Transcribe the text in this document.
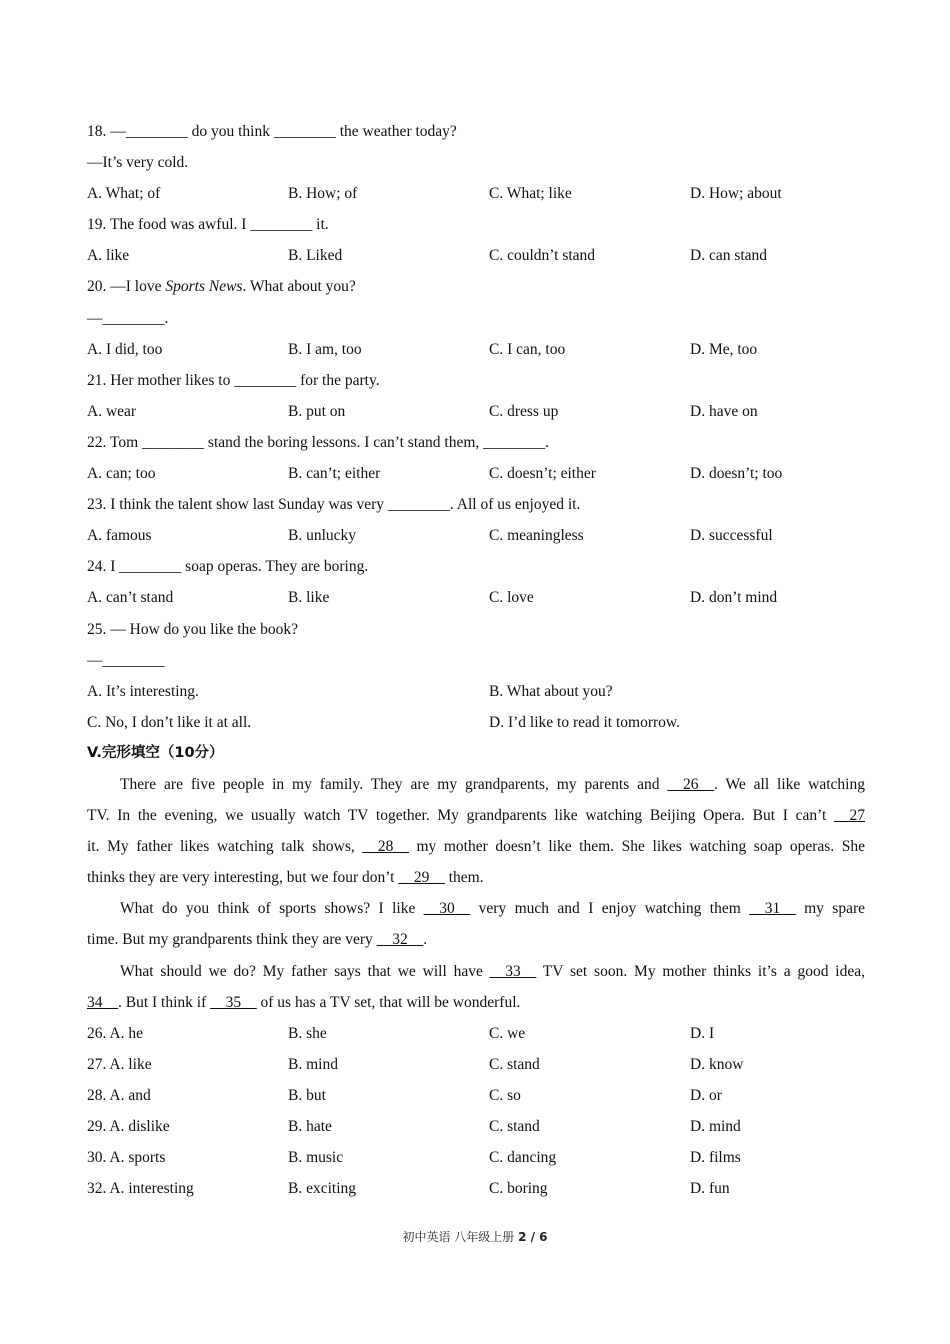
18. —________ do you think ________ the weather today?
—It’s very cold.
A. What; of	B. How; of	C. What; like	D. How; about
19. The food was awful. I ________ it.
A. like	B. Liked	C. couldn’t stand	D. can stand
20. —I love Sports News. What about you?
—________.
A. I did, too	B. I am, too	C. I can, too	D. Me, too
21. Her mother likes to ________ for the party.
A. wear	B. put on	C. dress up	D. have on
22. Tom ________ stand the boring lessons. I can’t stand them, ________.
A. can; too	B. can’t; either	C. doesn’t; either	D. doesn’t; too
23. I think the talent show last Sunday was very ________. All of us enjoyed it.
A. famous	B. unlucky	C. meaningless	D. successful
24. I ________ soap operas. They are boring.
A. can’t stand	B. like	C. love	D. don’t mind
25. — How do you like the book?
—________
A. It’s interesting.	B. What about you?
C. No, I don’t like it at all.	D. I’d like to read it tomorrow.
V.完形填空（10分）
There are five people in my family. They are my grandparents, my parents and __26__. We all like watching
TV. In the evening, we usually watch TV together. My grandparents like watching Beijing Opera. But I can’t __27
it. My father likes watching talk shows, __28__ my mother doesn’t like them. She likes watching soap operas. She
thinks they are very interesting, but we four don’t __29__ them.
What do you think of sports shows? I like __30__ very much and I enjoy watching them __31__ my spare
time. But my grandparents think they are very __32__.
What should we do? My father says that we will have __33__ TV set soon. My mother thinks it’s a good idea,
34__. But I think if __35__ of us has a TV set, that will be wonderful.
26. A. he	B. she	C. we	D. I
27. A. like	B. mind	C. stand	D. know
28. A. and	B. but	C. so	D. or
29. A. dislike	B. hate	C. stand	D. mind
30. A. sports	B. music	C. dancing	D. films
32. A. interesting	B. exciting	C. boring	D. fun
初中英语 八年级上册 2 / 6
